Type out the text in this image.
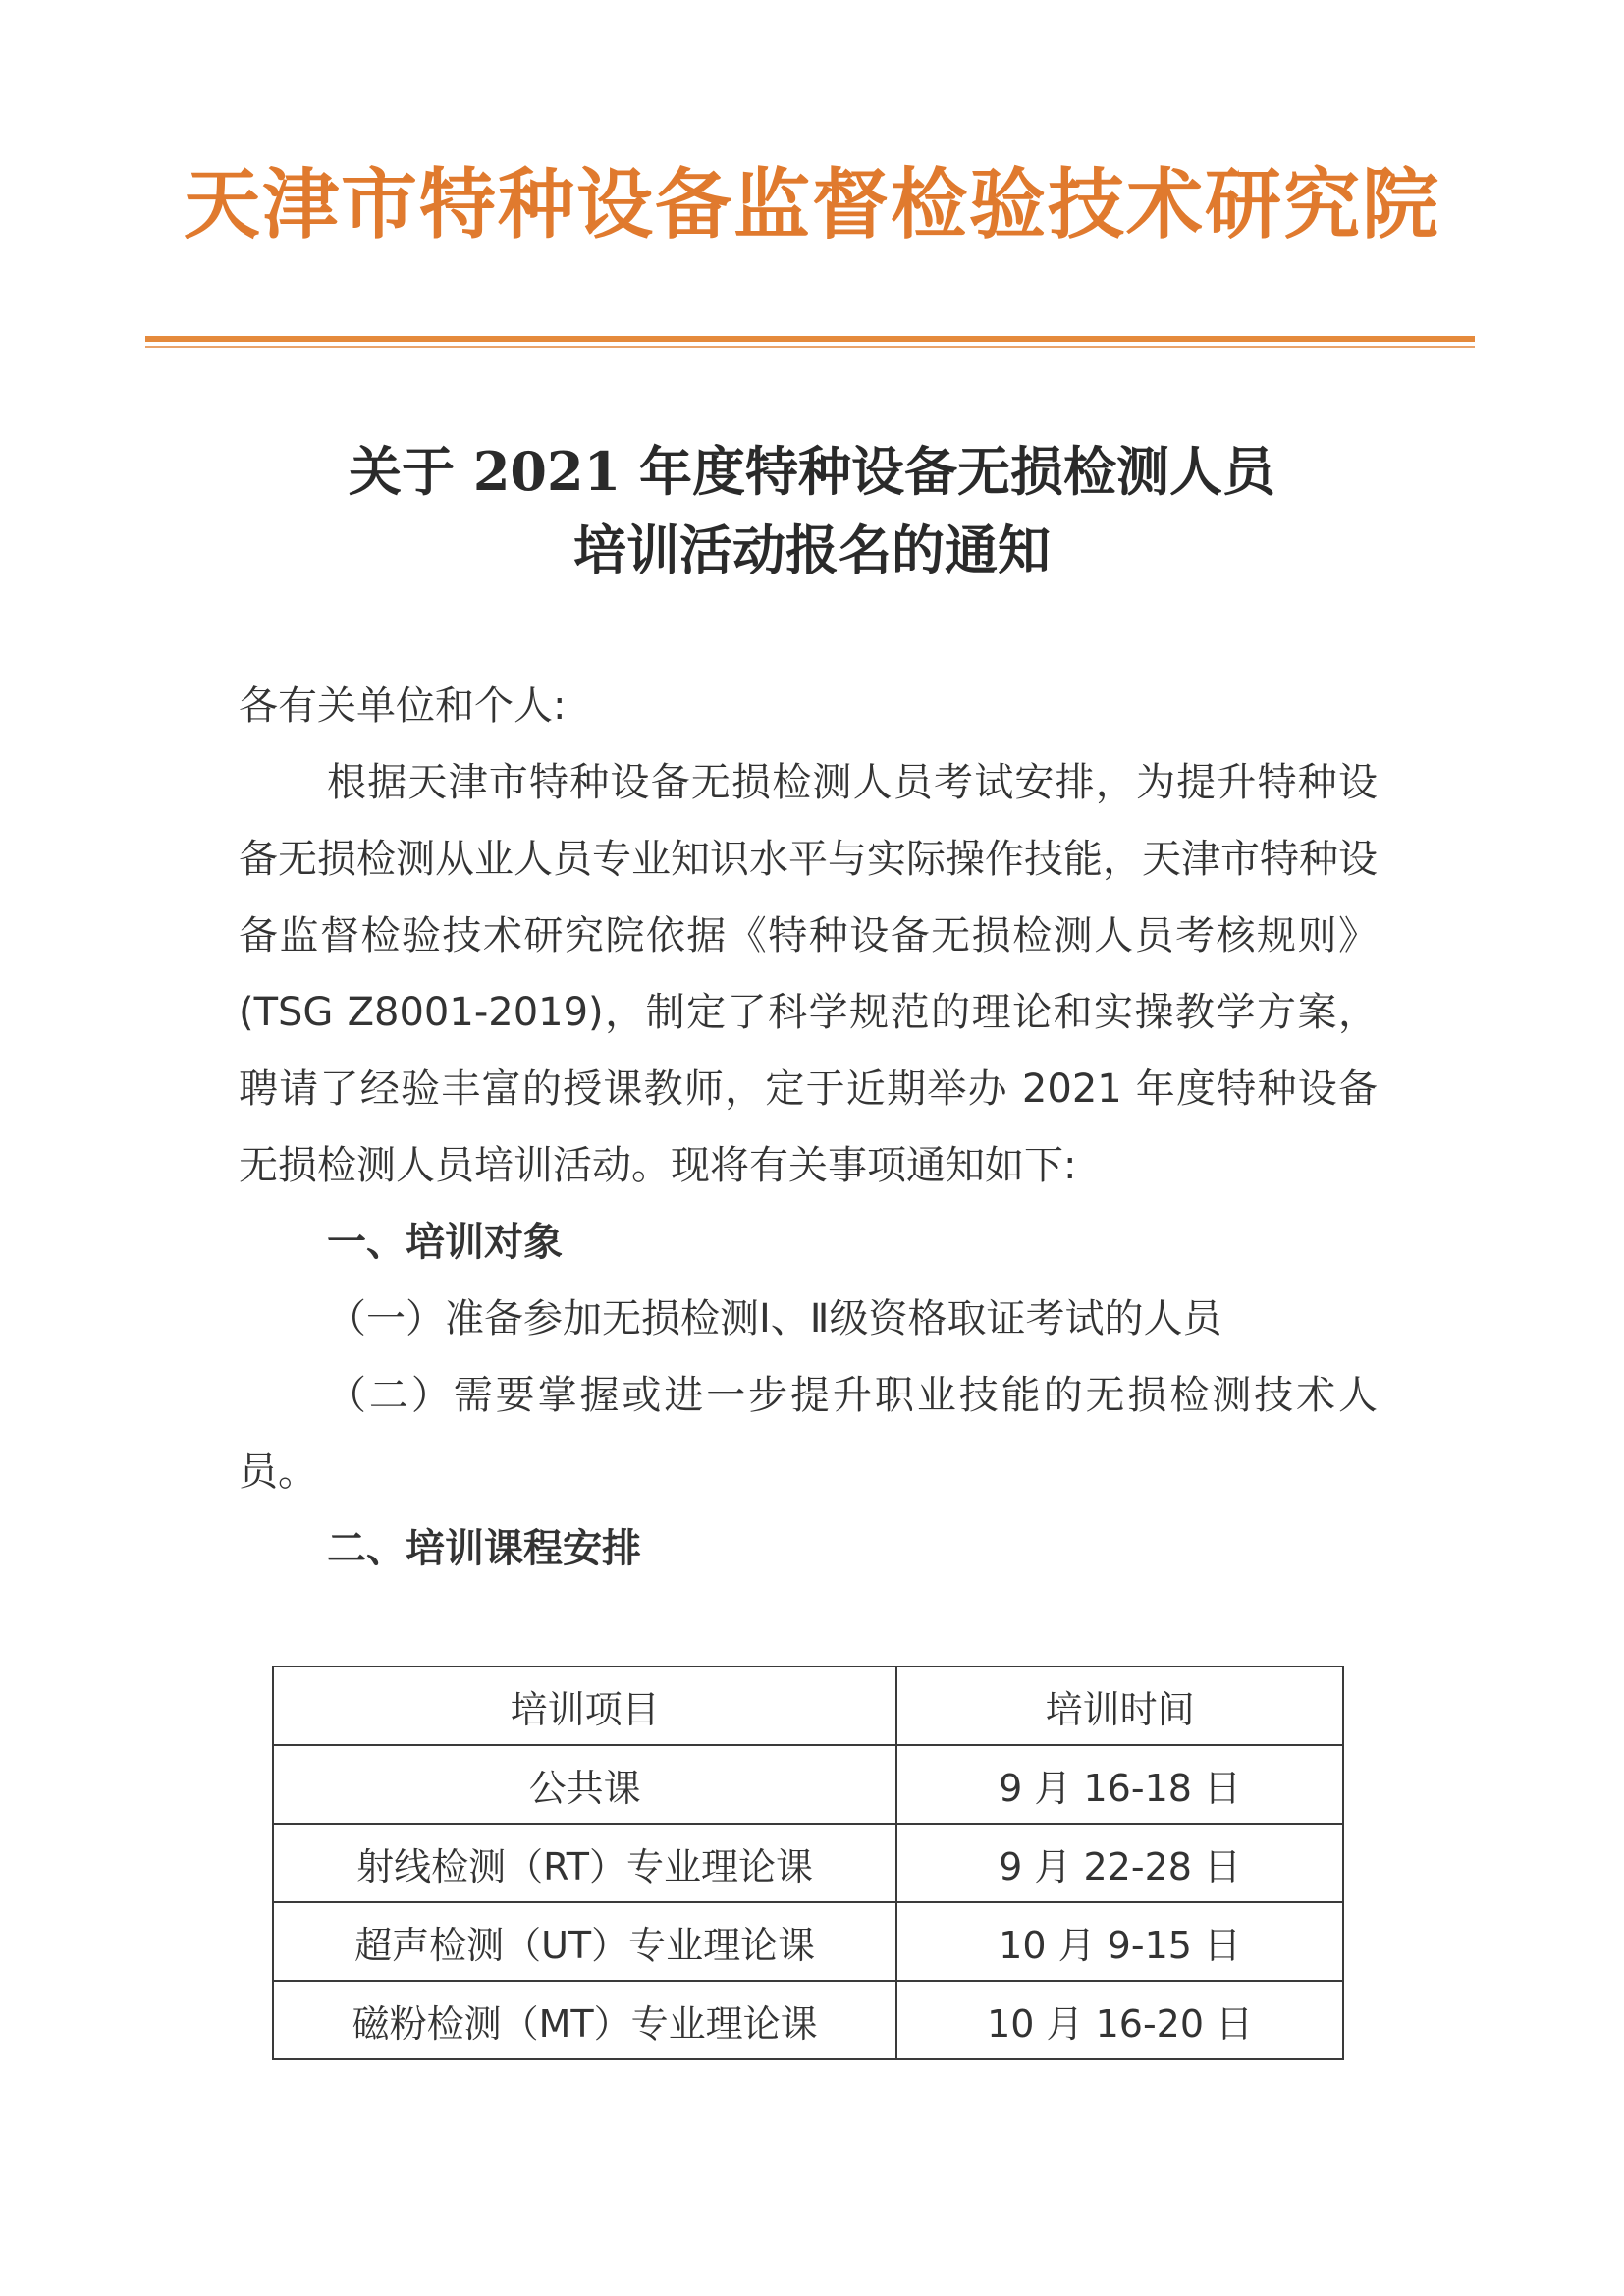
天津市特种设备监督检验技术研究院
关于 2021 年度特种设备无损检测人员
培训活动报名的通知

各有关单位和个人:

根据天津市特种设备无损检测人员考试安排，为提升特种设备无损检测从业人员专业知识水平与实际操作技能，天津市特种设备监督检验技术研究院依据《特种设备无损检测人员考核规则》(TSG Z8001-2019)，制定了科学规范的理论和实操教学方案，聘请了经验丰富的授课教师，定于近期举办 2021 年度特种设备无损检测人员培训活动。现将有关事项通知如下:

一、培训对象

（一）准备参加无损检测Ⅰ、Ⅱ级资格取证考试的人员

（二）需要掌握或进一步提升职业技能的无损检测技术人员。

二、培训课程安排

培训项目	培训时间
公共课	9 月 16-18 日
射线检测（RT）专业理论课	9 月 22-28 日
超声检测（UT）专业理论课	10 月 9-15 日
磁粉检测（MT）专业理论课	10 月 16-20 日
